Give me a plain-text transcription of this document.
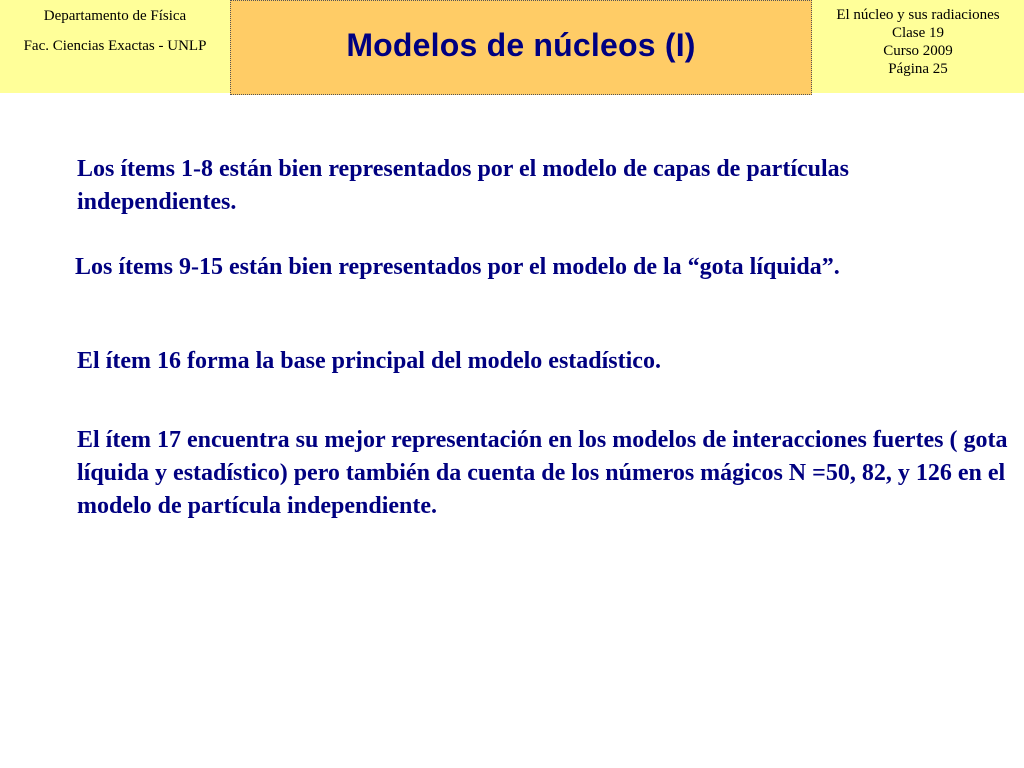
Departamento de Física
Fac. Ciencias Exactas - UNLP	Modelos de núcleos (I)
El núcleo y sus radiaciones
Clase 19
Curso 2009
Página 25

Los ítems 1-8 están bien representados por el modelo de capas de partículas independientes.

Los ítems 9-15 están bien representados por el modelo de la “gota líquida”.

El ítem 16 forma la base principal del modelo estadístico.

El ítem 17 encuentra su mejor representación en los modelos de interacciones fuertes ( gota líquida y estadístico) pero también da cuenta de los números mágicos N =50, 82, y 126 en el modelo de partícula independiente.
